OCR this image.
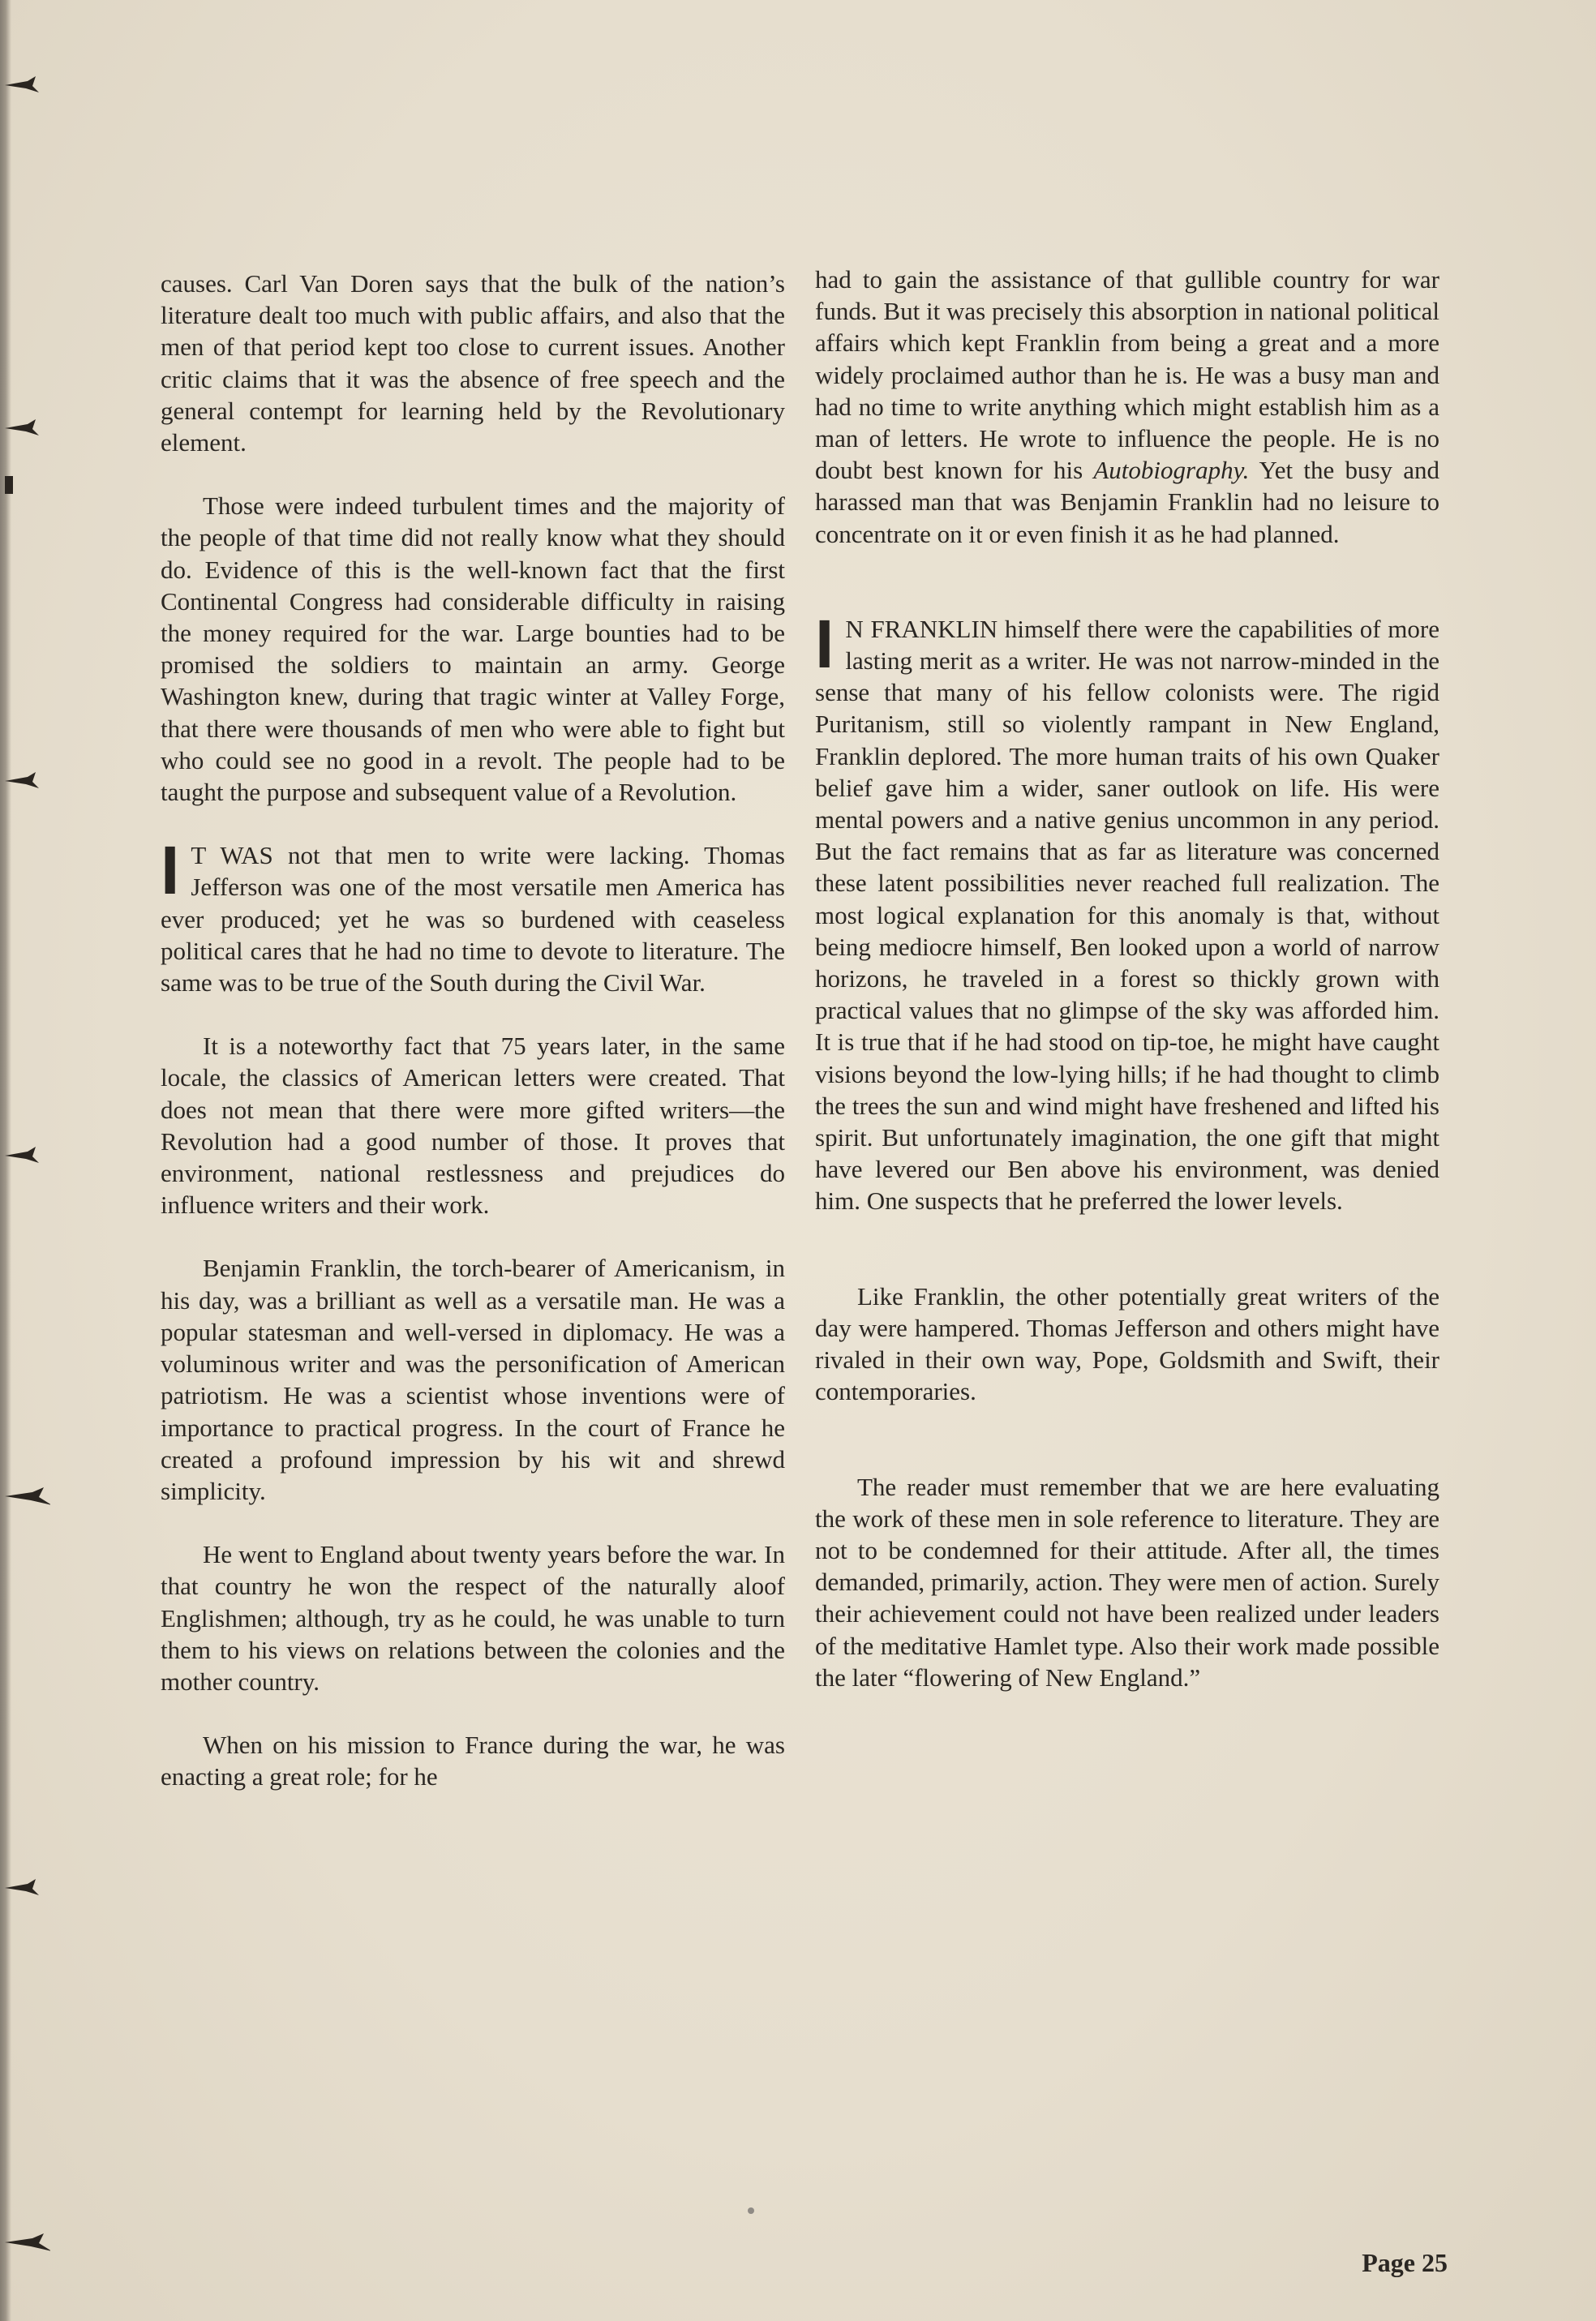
causes. Carl Van Doren says that the bulk of the nation’s literature dealt too much with public affairs, and also that the men of that period kept too close to current issues. Another critic claims that it was the absence of free speech and the general contempt for learning held by the Revolutionary element.

Those were indeed turbulent times and the majority of the people of that time did not really know what they should do. Evidence of this is the well-known fact that the first Continental Congress had considerable difficulty in raising the money required for the war. Large bounties had to be promised the soldiers to maintain an army. George Washington knew, during that tragic winter at Valley Forge, that there were thousands of men who were able to fight but who could see no good in a revolt. The people had to be taught the purpose and subsequent value of a Revolution.

I T WAS not that men to write were lacking. Thomas Jefferson was one of the most versatile men America has ever produced; yet he was so burdened with ceaseless political cares that he had no time to devote to literature. The same was to be true of the South during the Civil War.

It is a noteworthy fact that 75 years later, in the same locale, the classics of American letters were created. That does not mean that there were more gifted writers—the Revolution had a good number of those. It proves that environment, national restlessness and prejudices do influence writers and their work.

Benjamin Franklin, the torch-bearer of Americanism, in his day, was a brilliant as well as a versatile man. He was a popular statesman and well-versed in diplomacy. He was a voluminous writer and was the personification of American patriotism. He was a scientist whose inventions were of importance to practical progress. In the court of France he created a profound impression by his wit and shrewd simplicity.

He went to England about twenty years before the war. In that country he won the respect of the naturally aloof Englishmen; although, try as he could, he was unable to turn them to his views on relations between the colonies and the mother country.

When on his mission to France during the war, he was enacting a great role; for he

had to gain the assistance of that gullible country for war funds. But it was precisely this absorption in national political affairs which kept Franklin from being a great and a more widely proclaimed author than he is. He was a busy man and had no time to write anything which might establish him as a man of letters. He wrote to influence the people. He is no doubt best known for his Autobiography. Yet the busy and harassed man that was Benjamin Franklin had no leisure to concentrate on it or even finish it as he had planned.

I N FRANKLIN himself there were the capabilities of more lasting merit as a writer. He was not narrow-minded in the sense that many of his fellow colonists were. The rigid Puritanism, still so violently rampant in New England, Franklin deplored. The more human traits of his own Quaker belief gave him a wider, saner outlook on life. His were mental powers and a native genius uncommon in any period. But the fact remains that as far as literature was concerned these latent possibilities never reached full realization. The most logical explanation for this anomaly is that, without being mediocre himself, Ben looked upon a world of narrow horizons, he traveled in a forest so thickly grown with practical values that no glimpse of the sky was afforded him. It is true that if he had stood on tip-toe, he might have caught visions beyond the low-lying hills; if he had thought to climb the trees the sun and wind might have freshened and lifted his spirit. But unfortunately imagination, the one gift that might have levered our Ben above his environment, was denied him. One suspects that he preferred the lower levels.

Like Franklin, the other potentially great writers of the day were hampered. Thomas Jefferson and others might have rivaled in their own way, Pope, Goldsmith and Swift, their contemporaries.

The reader must remember that we are here evaluating the work of these men in sole reference to literature. They are not to be condemned for their attitude. After all, the times demanded, primarily, action. They were men of action. Surely their achievement could not have been realized under leaders of the meditative Hamlet type. Also their work made possible the later “flowering of New England.”

Page 25
